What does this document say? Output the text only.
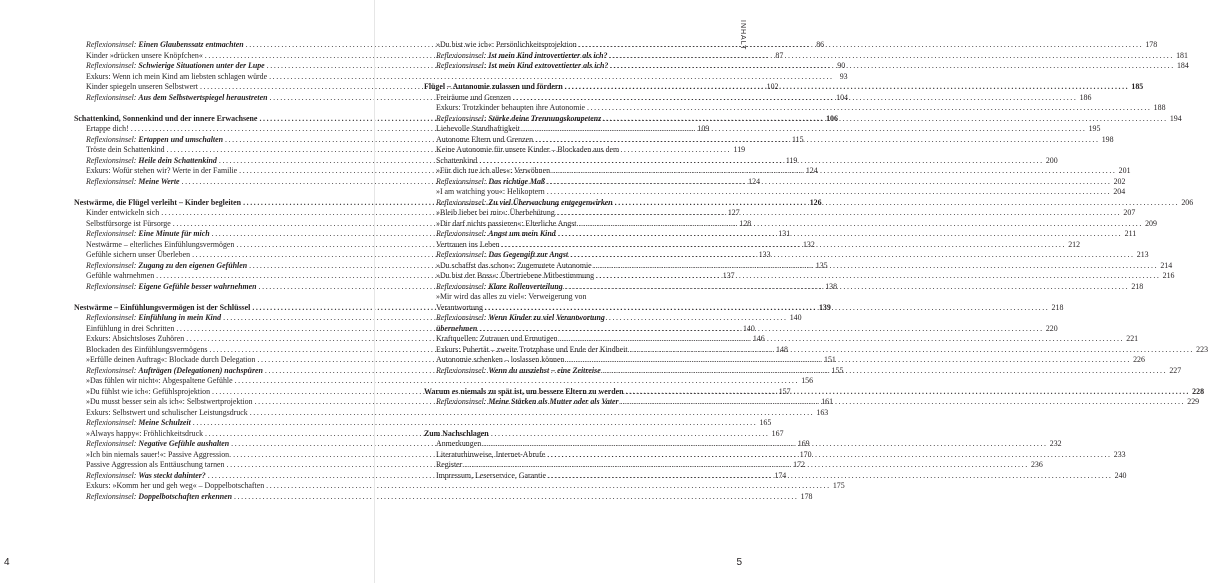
Reflexionsinsel: Einen Glaubenssatz entmachten .....	86
Kinder »drücken unsere Knöpfchen« .....	87
Reflexionsinsel: Schwierige Situationen unter der Lupe .....	90
Exkurs: Wenn ich mein Kind am liebsten schlagen würde .....	93
Kinder spiegeln unseren Selbstwert .....	102
Reflexionsinsel: Aus dem Selbstwertspiegel heraustreten .....	104
Schattenkind, Sonnenkind und der innere Erwachsene .....	106
Ertappe dich! .....	109
Reflexionsinsel: Ertappen und umschalten .....	115
Tröste dein Schattenkind .....	119
Reflexionsinsel: Heile dein Schattenkind .....	119
Exkurs: Wofür stehen wir? Werte in der Familie .....	124
Reflexionsinsel: Meine Werte .....	124
Nestwärme, die Flügel verleiht – Kinder begleiten .....	126
Kinder entwickeln sich .....	127
Selbstfürsorge ist Fürsorge .....	128
Reflexionsinsel: Eine Minute für mich .....	131
Nestwärme – elterliches Einfühlungsvermögen .....	132
Gefühle sichern unser Überleben .....	133
Reflexionsinsel: Zugang zu den eigenen Gefühlen .....	135
Gefühle wahrnehmen .....	137
Reflexionsinsel: Eigene Gefühle besser wahrnehmen .....	138
Nestwärme – Einfühlungsvermögen ist der Schlüssel .....	139
Reflexionsinsel: Einfühlung in mein Kind .....	140
Einfühlung in drei Schritten .....	140
Exkurs: Absichtsloses Zuhören .....	146
Blockaden des Einfühlungsvermögens .....	148
»Erfülle deinen Auftrag«: Blockade durch Delegation .....	151
Reflexionsinsel: Aufträgen (Delegationen) nachspüren .....	155
»Das fühlen wir nicht«: Abgespaltene Gefühle .....	156
»Du fühlst wie ich«: Gefühlsprojektion .....	157
»Du musst besser sein als ich«: Selbstwertprojektion .....	161
Exkurs: Selbstwert und schulischer Leistungsdruck .....	163
Reflexionsinsel: Meine Schulzeit .....	165
»Always happy«: Fröhlichkeitsdruck .....	167
Reflexionsinsel: Negative Gefühle aushalten .....	169
»Ich bin niemals sauer!«: Passive Aggression. .....	170
Passive Aggression als Enttäuschung tarnen .....	172
Reflexionsinsel: Was steckt dahinter? .....	174
Exkurs: »Komm her und geh weg« – Doppelbotschaften .....	175
Reflexionsinsel: Doppelbotschaften erkennen .....	178
4
»Du bist wie ich«: Persönlichkeitsprojektion .....	178
Reflexionsinsel: Ist mein Kind introvertierter als ich? .....	181
Reflexionsinsel: Ist mein Kind extrovertierter als ich? .....	184
Flügel – Autonomie zulassen und fördern .....	185
Freiräume und Grenzen .....	186
Exkurs: Trotzkinder behaupten ihre Autonomie .....	188
Reflexionsinsel: Stärke deine Trennungskompetenz .....	194
Liebevolle Standhaftigkeit .....	195
Autonome Eltern und Grenzen .....	198
Keine Autonomie für unsere Kinder – Blockaden aus dem
Schattenkind .....	200
»Für dich tue ich alles«: Verwöhnen .....	201
Reflexionsinsel: Das richtige Maß .....	202
»I am watching you«: Helikoptern .....	204
Reflexionsinsel: Zu viel Überwachung entgegenwirken .....	206
»Bleib lieber bei mir«: Überbehütung .....	207
»Dir darf nichts passieren«: Elterliche Angst .....	209
Reflexionsinsel: Angst um mein Kind .....	211
Vertrauen ins Leben .....	212
Reflexionsinsel: Das Gegengift zur Angst .....	213
»Du schaffst das schon«: Zugemutete Autonomie .....	214
»Du bist der Boss«: Übertriebene Mitbestimmung .....	216
Reflexionsinsel: Klare Rollenverteilung .....	218
»Mir wird das alles zu viel«: Verweigerung von
Verantwortung .....	218
Reflexionsinsel: Wenn Kinder zu viel Verantwortung
übernehmen .....	220
Kraftquellen: Zutrauen und Ermutigen .....	221
Exkurs: Pubertät – zweite Trotzphase und Ende der Kindheit .....	223
Autonomie schenken – loslassen können .....	226
Reflexionsinsel: Wenn du ausziehst – eine Zeitreise .....	227
Warum es niemals zu spät ist, um bessere Eltern zu werden .....	228
Reflexionsinsel: Meine Stärken als Mutter oder als Vater .....	229
Zum Nachschlagen
Anmerkungen .....	232
Literaturhinweise, Internet-Abrufe .....	233
Register .....	236
Impressum, Leserservice, Garantie .....	240
5
INHALT
